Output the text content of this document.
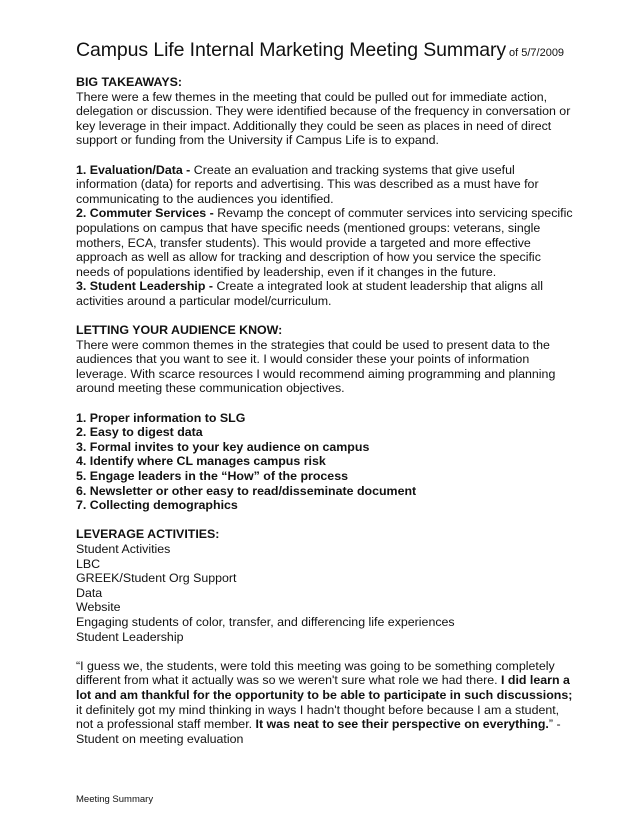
Campus Life Internal Marketing Meeting Summary of 5/7/2009

BIG TAKEAWAYS:

There were a few themes in the meeting that could be pulled out for immediate action, delegation or discussion. They were identified because of the frequency in conversation or key leverage in their impact. Additionally they could be seen as places in need of direct support or funding from the University if Campus Life is to expand.

1. Evaluation/Data - Create an evaluation and tracking systems that give useful information (data) for reports and advertising. This was described as a must have for communicating to the audiences you identified.

2. Commuter Services - Revamp the concept of commuter services into servicing specific populations on campus that have specific needs (mentioned groups: veterans, single mothers, ECA, transfer students). This would provide a targeted and more effective approach as well as allow for tracking and description of how you service the specific needs of populations identified by leadership, even if it changes in the future.

3. Student Leadership - Create a integrated look at student leadership that aligns all activities around a particular model/curriculum.

LETTING YOUR AUDIENCE KNOW:

There were common themes in the strategies that could be used to present data to the audiences that you want to see it. I would consider these your points of information leverage. With scarce resources I would recommend aiming programming and planning around meeting these communication objectives.

1. Proper information to SLG

2. Easy to digest data

3. Formal invites to your key audience on campus

4. Identify where CL manages campus risk

5. Engage leaders in the “How” of the process

6. Newsletter or other easy to read/disseminate document

7. Collecting demographics

LEVERAGE ACTIVITIES:

Student Activities

LBC

GREEK/Student Org Support

Data

Website

Engaging students of color, transfer, and differencing life experiences

Student Leadership

“I guess we, the students, were told this meeting was going to be something completely different from what it actually was so we weren't sure what role we had there. I did learn a lot and am thankful for the opportunity to be able to participate in such discussions; it definitely got my mind thinking in ways I hadn't thought before because I am a student, not a professional staff member. It was neat to see their perspective on everything.” -Student on meeting evaluation

Meeting Summary
